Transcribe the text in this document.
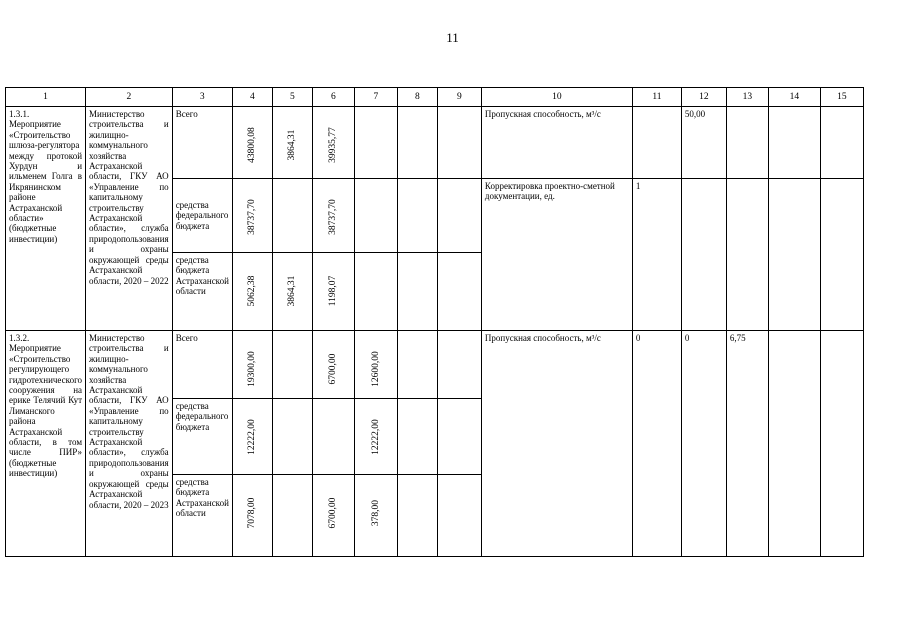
11
1	2	3	4	5	6	7	8	9	10	11	12	13	14	15
1.3.1. Мероприятие «Строительство шлюза-регулятора между протокой Хурдун и ильменем Голга в Икрянинском районе Астраханской области» (бюджетные инвестиции)	Министерство строительства и жилищно-коммунального хозяйства Астраханской области, ГКУ АО «Управление по капитальному строительству Астраханской области», служба природопользования и охраны окружающей среды Астраханской области, 2020 – 2022	Всего	43800,08	3864,31	39935,77				Пропускная способность, м³/с		50,00			
		средства федерального бюджета	38737,70		38737,70				Корректировка проектно-сметной документации, ед.	1				
		средства бюджета Астраханской области	5062,38	3864,31	1198,07									

1.3.2. Мероприятие «Строительство регулирующего гидротехнического сооружения на ерике Телячий Кут Лиманского района Астраханской области, в том числе ПИР» (бюджетные инвестиции)	Министерство строительства и жилищно-коммунального хозяйства Астраханской области, ГКУ АО «Управление по капитальному строительству Астраханской области», служба природопользования и охраны окружающей среды Астраханской области, 2020 – 2023	Всего	19300,00		6700,00	12600,00			Пропускная способность, м³/с	0	0	6,75		
		средства федерального бюджета	12222,00			12222,00								

		средства бюджета Астраханской области	7078,00		6700,00	378,00								
